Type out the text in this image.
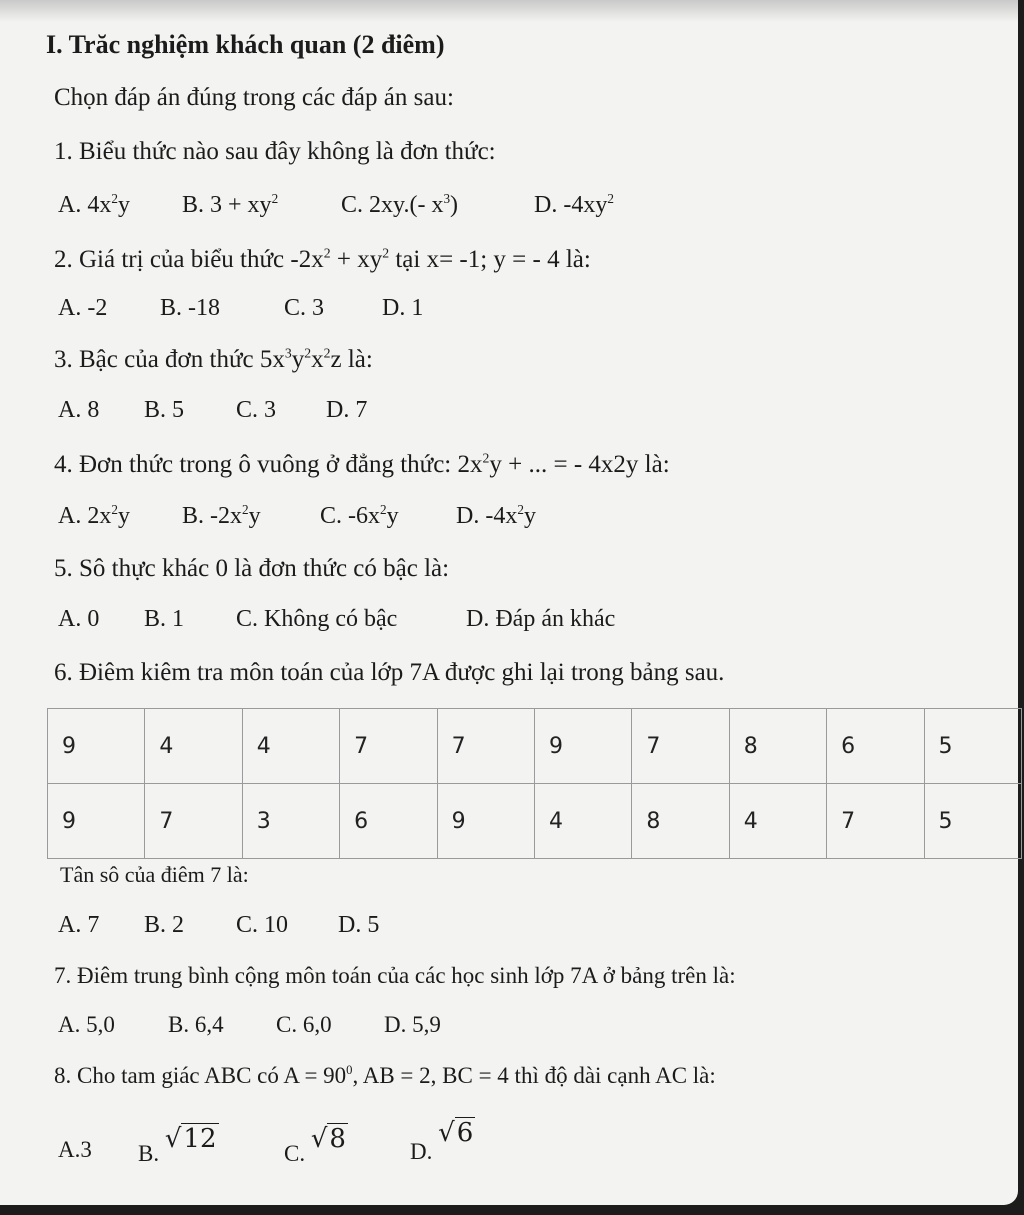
I. Trăc nghiệm khách quan (2 điêm)
Chọn đáp án đúng trong các đáp án sau:
1. Biểu thức nào sau đây không là đơn thức:
A. $4x^2y$ B. $3 + xy^2$	C. 2xy.(- $x^3$)	D. $-4xy^2$
2. Giá trị của biểu thức $-2x^2 + xy^2$ tại x= -1; y = - 4 là:
A. -2 B. -18	C. 3 D. 1
3. Bậc của đơn thức $5x^3y^2x^2z$ là:
A. 8 B. 5 C. 3 D. 7
4. Đơn thức trong ô vuông ở đẳng thức: $2x^2y$ + ... = - 4x2y là:
A. $2x^2y$ B. $-2x^2y$ C. $-6x^2y$ D. $-4x^2y$
5. Sô thực khác 0 là đơn thức có bậc là:
A. 0 B. 1 C. Không có bậc	D. Đáp án khác
6. Điêm kiêm tra môn toán của lớp 7A được ghi lại trong bảng sau.
9	4	4	7	7	9	7	8	6	5
9	7	3	6	9	4	8	4	7	5
Tân sô của điêm 7 là:
A. 7 B. 2 C. 10 D. 5
7. Điêm trung bình cộng môn toán của các học sinh lớp 7A ở bảng trên là:
A. 5,0 B. 6,4 C. 6,0 D. 5,9
8. Cho tam giác ABC có $A = 90^0$, AB = 2, BC = 4 thì độ dài cạnh AC là:
A.3 B. √12	C. √8	D. √6
